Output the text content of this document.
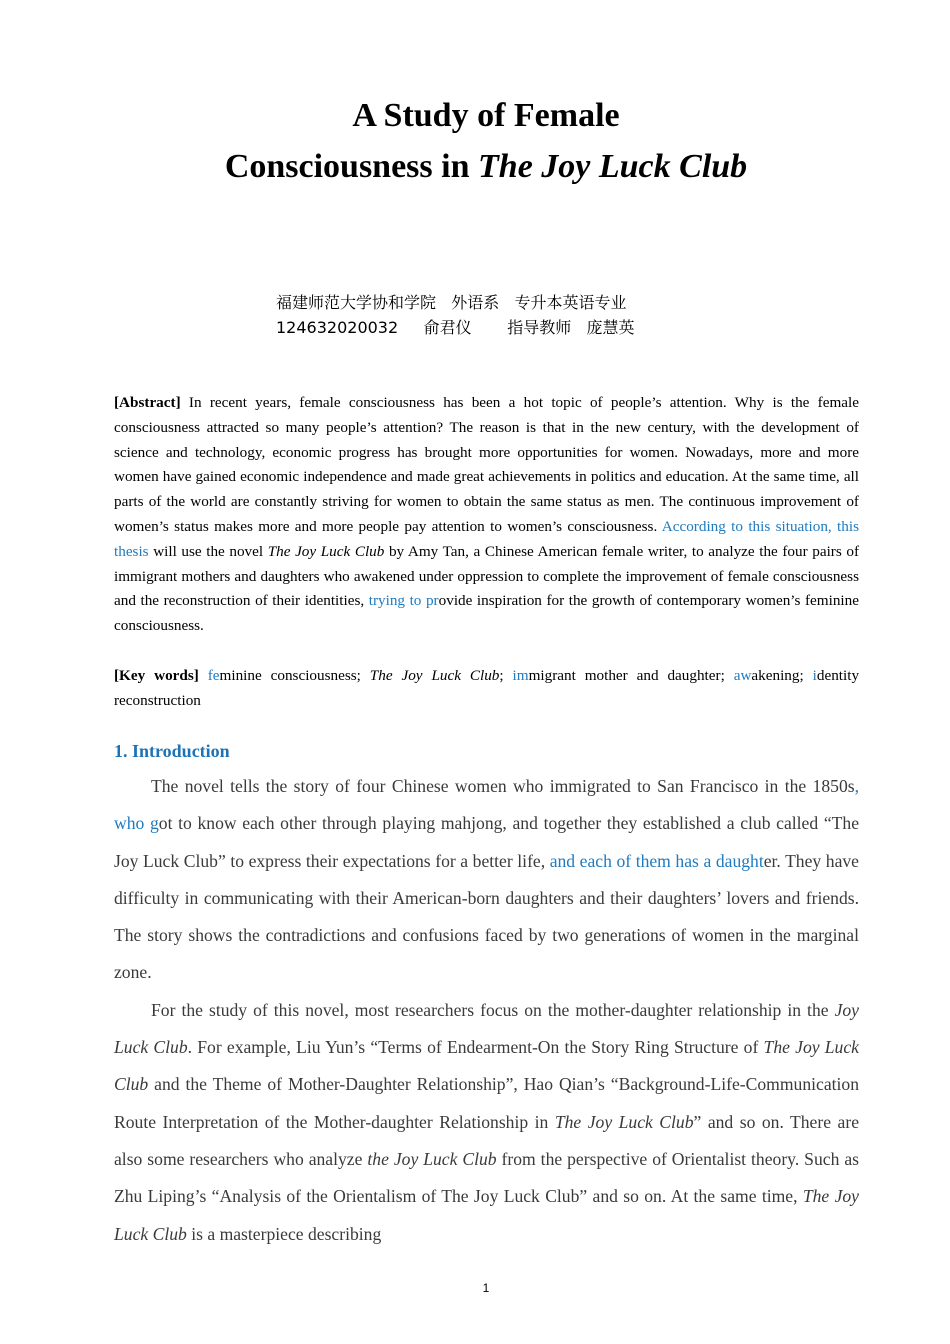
A Study of Female
Consciousness in The Joy Luck Club
福建师范大学协和学院   外语系   专升本英语专业
124632020032     俞君仪       指导教师   庞慧英
[Abstract] In recent years, female consciousness has been a hot topic of people’s attention. Why is the female consciousness attracted so many people’s attention? The reason is that in the new century, with the development of science and technology, economic progress has brought more opportunities for women. Nowadays, more and more women have gained economic independence and made great achievements in politics and education. At the same time, all parts of the world are constantly striving for women to obtain the same status as men. The continuous improvement of women’s status makes more and more people pay attention to women’s consciousness. According to this situation, this thesis will use the novel The Joy Luck Club by Amy Tan, a Chinese American female writer, to analyze the four pairs of immigrant mothers and daughters who awakened under oppression to complete the improvement of female consciousness and the reconstruction of their identities, trying to provide inspiration for the growth of contemporary women’s feminine consciousness.
[Key words] feminine consciousness; The Joy Luck Club; immigrant mother and daughter; awakening; identity reconstruction
1. Introduction

The novel tells the story of four Chinese women who immigrated to San Francisco in the 1850s, who got to know each other through playing mahjong, and together they established a club called “The Joy Luck Club” to express their expectations for a better life, and each of them has a daughter. They have difficulty in communicating with their American-born daughters and their daughters’ lovers and friends. The story shows the contradictions and confusions faced by two generations of women in the marginal zone.

For the study of this novel, most researchers focus on the mother-daughter relationship in the Joy Luck Club. For example, Liu Yun’s “Terms of Endearment-On the Story Ring Structure of The Joy Luck Club and the Theme of Mother-Daughter Relationship”, Hao Qian’s “Background-Life-Communication Route Interpretation of the Mother-daughter Relationship in The Joy Luck Club” and so on. There are also some researchers who analyze the Joy Luck Club from the perspective of Orientalist theory. Such as Zhu Liping’s “Analysis of the Orientalism of The Joy Luck Club” and so on. At the same time, The Joy Luck Club is a masterpiece describing

1
